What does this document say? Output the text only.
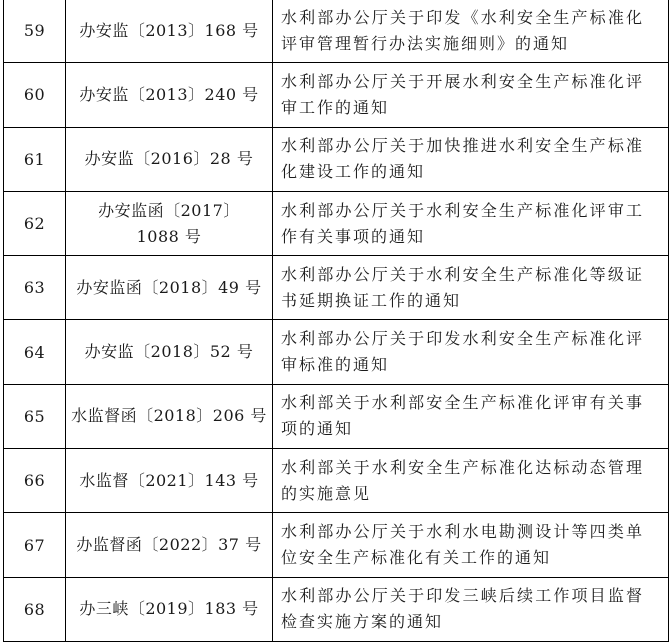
59	办安监〔2013〕168 号	水利部办公厅关于印发《水利安全生产标准化评审管理暂行办法实施细则》的通知
60	办安监〔2013〕240 号	水利部办公厅关于开展水利安全生产标准化评审工作的通知
61	办安监〔2016〕28 号	水利部办公厅关于加快推进水利安全生产标准化建设工作的通知
62	办安监函〔2017〕1088 号	水利部办公厅关于水利安全生产标准化评审工作有关事项的通知
63	办安监函〔2018〕49 号	水利部办公厅关于水利安全生产标准化等级证书延期换证工作的通知
64	办安监〔2018〕52 号	水利部办公厅关于印发水利安全生产标准化评审标准的通知
65	水监督函〔2018〕206 号	水利部关于水利部安全生产标准化评审有关事项的通知
66	水监督〔2021〕143 号	水利部关于水利安全生产标准化达标动态管理的实施意见
67	办监督函〔2022〕37 号	水利部办公厅关于水利水电勘测设计等四类单位安全生产标准化有关工作的通知
68	办三峡〔2019〕183 号	水利部办公厅关于印发三峡后续工作项目监督检查实施方案的通知
